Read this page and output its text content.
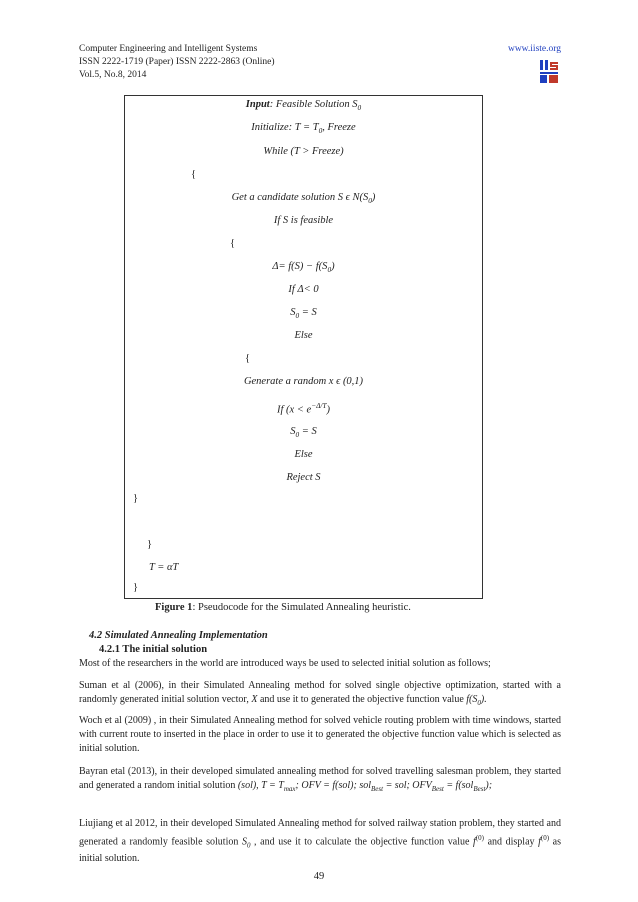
Computer Engineering and Intelligent Systems
ISSN 2222-1719 (Paper) ISSN 2222-2863 (Online)
Vol.5, No.8, 2014
www.iiste.org
Input: Feasible Solution $S_0$
Initialize: $T = T_0$, Freeze
While (T > Freeze)
{
Get a candidate solution S ϵ $N(S_0)$
If S is feasible
{
$\Delta= f(S) - f(S_0)$
If Δ< 0
$S_0 = S$
Else
{
Generate a random x ϵ (0,1)
If $(x < e^{-\Delta/T})$
$S_0 = S$
Else
Reject S
}
}
T = αT
}
Figure 1: Pseudocode for the Simulated Annealing heuristic.
4.2 Simulated Annealing Implementation
4.2.1 The initial solution
Most of the researchers in the world are introduced ways be used to selected initial solution as follows;
Suman et al (2006), in their Simulated Annealing method for solved single objective optimization, started with a randomly generated initial solution vector, X and use it to generated the objective function value $f(S_0)$.
Woch et al (2009) , in their Simulated Annealing method for solved vehicle routing problem with time windows, started with current route to inserted in the place in order to use it to generated the objective function value which is selected as initial solution.
Bayran etal (2013), in their developed simulated annealing method for solved travelling salesman problem, they started and generated a random initial solution (sol), $T = T_{max}$; OFV = f(sol); sol$_{Best}$ = sol; $OFV_{Best} = f(sol_{Best})$;
Liujiang et al 2012, in their developed Simulated Annealing method for solved railway station problem, they started and generated a randomly feasible solution $S_0$ , and use it to calculate the objective function value $f^{(0)}$ and display $f^{(0)}$ as initial solution.
49
